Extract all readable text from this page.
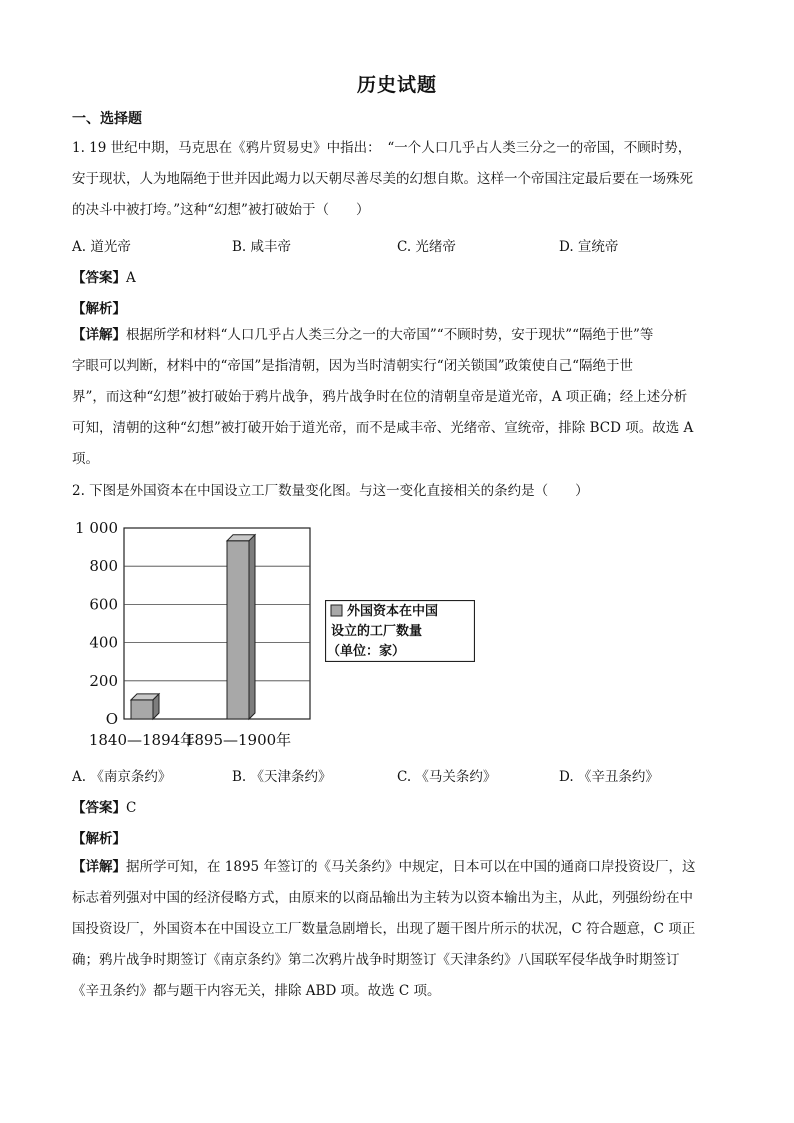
历史试题
一、选择题
1. 19 世纪中期，马克思在《鸦片贸易史》中指出：　“一个人口几乎占人类三分之一的帝国，不顾时势，
安于现状，人为地隔绝于世并因此竭力以天朝尽善尽美的幻想自欺。这样一个帝国注定最后要在一场殊死
的决斗中被打垮。”这种“幻想”被打破始于（　　）
A. 道光帝	B. 咸丰帝	C. 光绪帝	D. 宣统帝
【答案】A
【解析】
【详解】根据所学和材料“人口几乎占人类三分之一的大帝国”“不顾时势，安于现状”“隔绝于世”等
字眼可以判断，材料中的“帝国”是指清朝，因为当时清朝实行“闭关锁国”政策使自己“隔绝于世
界”，而这种“幻想”被打破始于鸦片战争，鸦片战争时在位的清朝皇帝是道光帝，A 项正确；经上述分析
可知，清朝的这种“幻想”被打破开始于道光帝，而不是咸丰帝、光绪帝、宣统帝，排除 BCD 项。故选 A
项。
2. 下图是外国资本在中国设立工厂数量变化图。与这一变化直接相关的条约是（　　）
O
200
400
600
800
1 000
1840—1894年
1895—1900年
外国资本在中国
设立的工厂数量
（单位：家）
A. 《南京条约》	B. 《天津条约》	C. 《马关条约》	D. 《辛丑条约》
【答案】C
【解析】
【详解】据所学可知，在 1895 年签订的《马关条约》中规定，日本可以在中国的通商口岸投资设厂，这
标志着列强对中国的经济侵略方式，由原来的以商品输出为主转为以资本输出为主，从此，列强纷纷在中
国投资设厂，外国资本在中国设立工厂数量急剧增长，出现了题干图片所示的状况，C 符合题意，C 项正
确；鸦片战争时期签订《南京条约》第二次鸦片战争时期签订《天津条约》八国联军侵华战争时期签订
《辛丑条约》都与题干内容无关，排除 ABD 项。故选 C 项。
